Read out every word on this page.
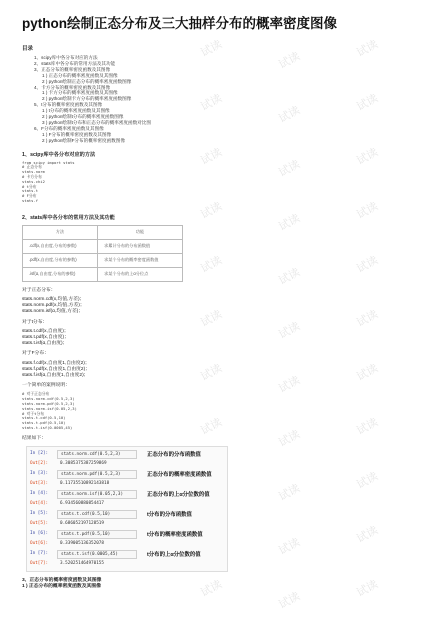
试读
试读
试读
试读
试读
试读
试读
试读
试读
试读
试读
试读
试读
试读
试读
试读
试读
试读
试读
试读
试读
试读
试读
试读
试读
试读
试读
试读
试读
试读
试读
python绘制正态分布及三大抽样分布的概率密度图像
目录
1、scipy库中各分布对应的方法
2、stats库中各分布的常用方法及其功能
3、正态分布的概率密度函数及其图像
1 ) 正态分布的概率密度函数及其图像
2 ) python绘制正态分布的概率密度函数图像
4、卡方分布的概率密度函数及其图像
1 ) 卡方分布的概率密度函数及其图像
2 ) python绘制卡方分布的概率密度函数图像
5、t分布的概率密度函数及其图像
1 ) t分布的概率密度函数及其图像
2 ) python绘制t分布的概率密度函数图像
3 ) python绘制t分布和正态分布的概率密度函数对比图
6、F分布的概率密度函数及其图像
1 ) F分布的概率密度函数及其图像
2 ) python绘制F分布的概率密度函数图像
1、scipy库中各分布对应的方法
from scipy import stats
# 正态分布
stats.norm
# 卡方分布
stats.chi2
# t分布
stats.t
# F分布
stats.f
2、stats库中各分布的常用方法及其功能
方法	功能
.cdf(x,自由度,分布的参数)	求累计分布的分布函数值
.pdf(x,自由度,分布的参数)	求某个分布的概率密度函数值
.isf(α,自由度,分布的参数)	求某个分布的上α分位点
对于正态分布：
stats.norm.cdf(x,均值,方差)；
stats.norm.pdf(x,均值,方差)；
stats.norm.isf(α,均值,方差)；
对于t分布：
stats.t.cdf(x,自由度)；
stats.t.pdf(x,自由度)；
stats.t.isf(α,自由度)；
对于F分布：
stats.f.cdf(x,自由度1,自由度2)；
stats.f.pdf(x,自由度1,自由度2)；
stats.f.isf(α,自由度1,自由度2)；
一个简单的案例说明：
# 对于正态分布
stats.norm.cdf(0.5,2,3)
stats.norm.pdf(0.5,2,3)
stats.norm.isf(0.05,2,3)
# 对于t分布
stats.t.cdf(0.5,10)
stats.t.pdf(0.5,10)
stats.t.isf(0.0005,45)
结果如下：
In [2]:	stats.norm.cdf(0.5,2,3)	正态分布的分布函数值
Out[2]:	0.3085375387259869
In [3]:	stats.norm.pdf(0.5,2,3)	正态分布的概率密度函数值
Out[3]:	0.11735510892143818
In [4]:	stats.norm.isf(0.05,2,3)	正态分布的上α分位数的值
Out[4]:	6.934560880854417
In [5]:	stats.t.cdf(0.5,10)	t分布的分布函数值
Out[5]:	0.686052197128519
In [6]:	stats.t.pdf(0.5,10)	t分布的概率密度函数值
Out[6]:	0.339005136352078
In [7]:	stats.t.isf(0.0005,45)	t分布的上α分位数的值
Out[7]:	3.520251464970155
3、正态分布的概率密度函数及其图像
1 ) 正态分布的概率密度函数及其图像
